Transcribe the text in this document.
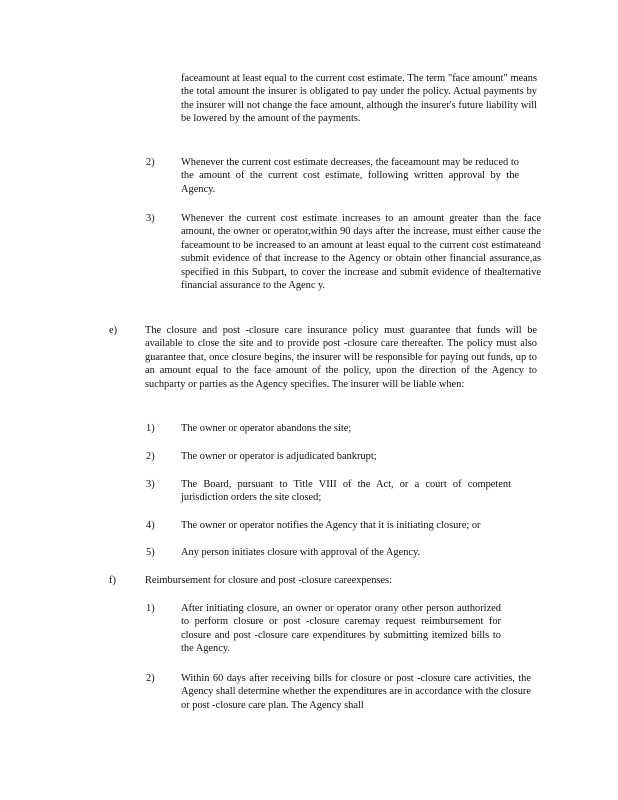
faceamount at least equal to the current cost estimate. The term "face amount" means the total amount the insurer is obligated to pay under the policy. Actual payments by the insurer will not change the face amount, although the insurer's future liability will be lowered by the amount of the payments.
2)	Whenever the current cost estimate decreases, the faceamount may be reduced to the amount of the current cost estimate, following written approval by the Agency.
3)	Whenever the current cost estimate increases to an amount greater than the face amount, the owner or operator,within 90 days after the increase, must either cause the faceamount to be increased to an amount at least equal to the current cost estimateand submit evidence of that increase to the Agency or obtain other financial assurance,as specified in this Subpart, to cover the increase and submit evidence of thealternative financial assurance to the Agenc y.
e)	The closure and post -closure care insurance policy must guarantee that funds will be available to close the site and to provide post -closure care thereafter. The policy must also guarantee that, once closure begins, the insurer will be responsible for paying out funds, up to an amount equal to the face amount of the policy, upon the direction of the Agency to suchparty or parties as the Agency specifies. The insurer will be liable when:
1)	The owner or operator abandons the site;
2)	The owner or operator is adjudicated bankrupt;
3)	The Board, pursuant to Title VIII of the Act, or a court of competent jurisdiction orders the site closed;
4)	The owner or operator notifies the Agency that it is initiating closure; or
5)	Any person initiates closure with approval of the Agency.
f)	Reimbursement for closure and post -closure careexpenses:
1)	After initiating closure, an owner or operator orany other person authorized to perform closure or post -closure caremay request reimbursement for closure and post -closure care expenditures by submitting itemized bills to the Agency.
2)	Within 60 days after receiving bills for closure or post -closure care activities, the Agency shall determine whether the expenditures are in accordance with the closure or post -closure care plan. The Agency shall
